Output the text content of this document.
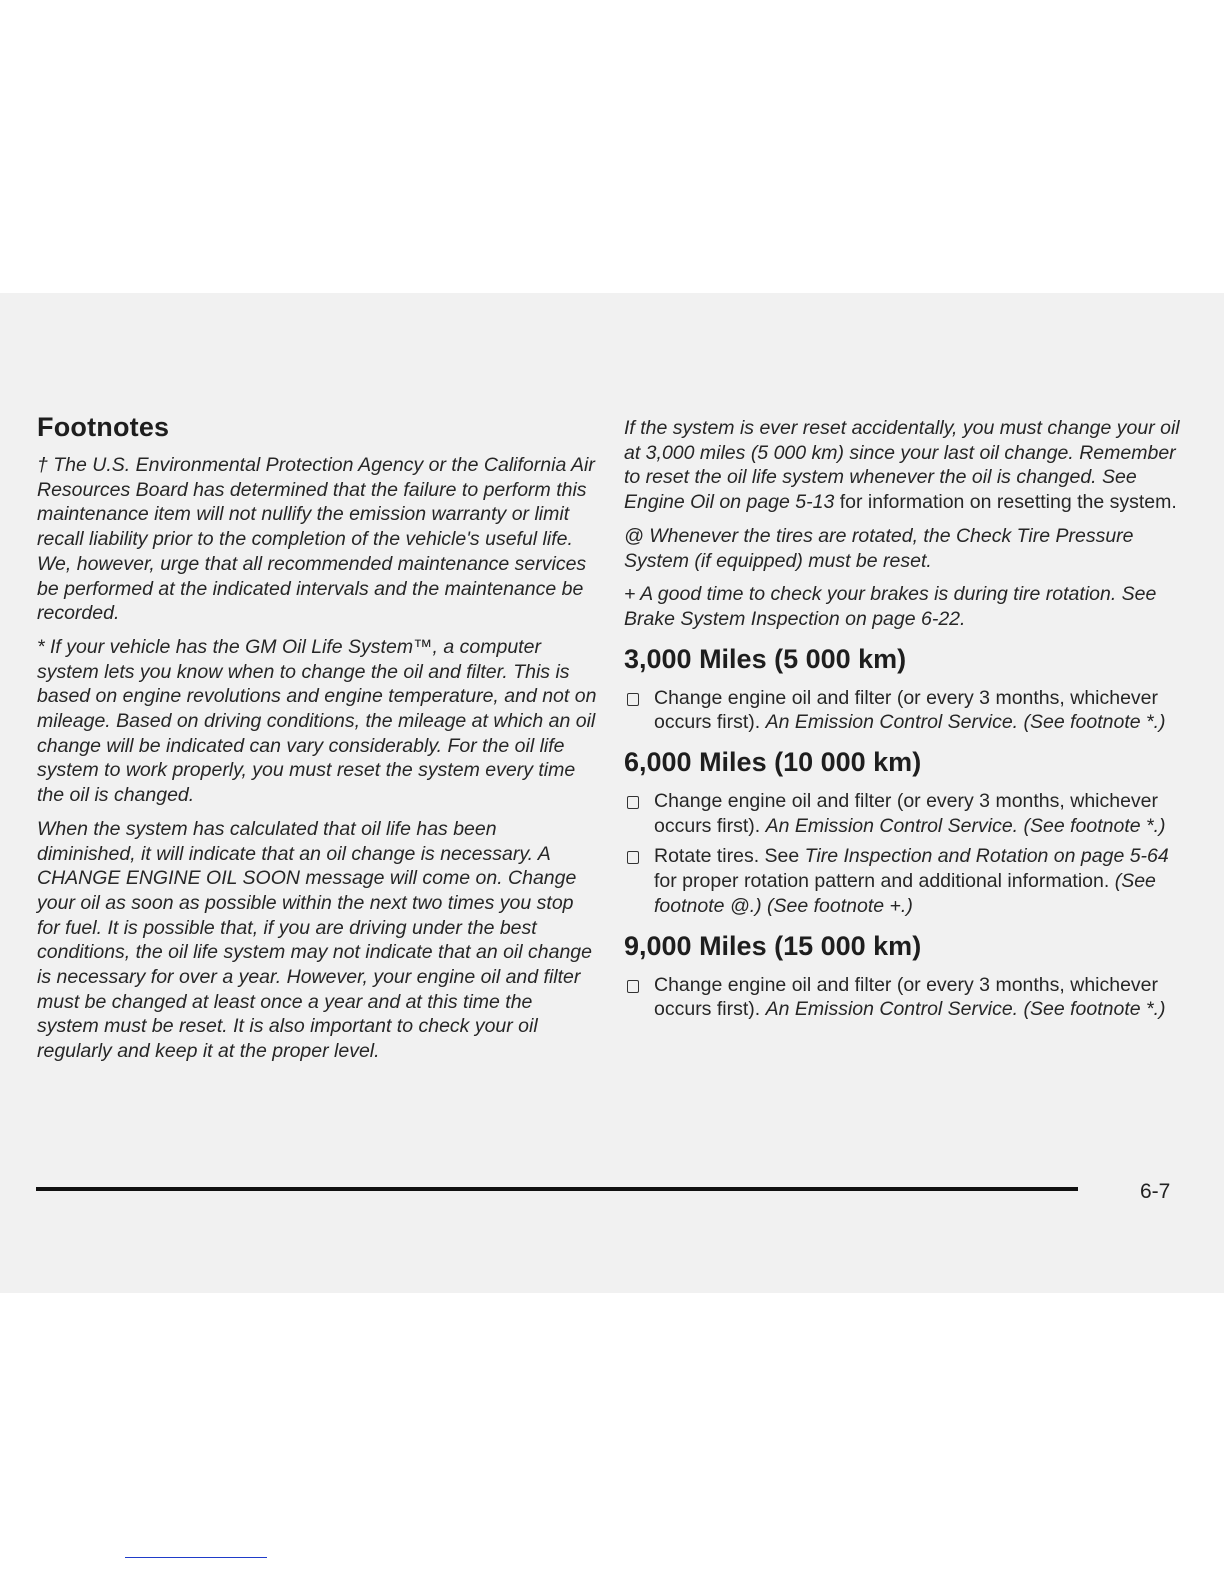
Footnotes

† The U.S. Environmental Protection Agency or the California Air Resources Board has determined that the failure to perform this maintenance item will not nullify the emission warranty or limit recall liability prior to the completion of the vehicle's useful life. We, however, urge that all recommended maintenance services be performed at the indicated intervals and the maintenance be recorded.

* If your vehicle has the GM Oil Life System™, a computer system lets you know when to change the oil and filter. This is based on engine revolutions and engine temperature, and not on mileage. Based on driving conditions, the mileage at which an oil change will be indicated can vary considerably. For the oil life system to work properly, you must reset the system every time the oil is changed.

When the system has calculated that oil life has been diminished, it will indicate that an oil change is necessary. A CHANGE ENGINE OIL SOON message will come on. Change your oil as soon as possible within the next two times you stop for fuel. It is possible that, if you are driving under the best conditions, the oil life system may not indicate that an oil change is necessary for over a year. However, your engine oil and filter must be changed at least once a year and at this time the system must be reset. It is also important to check your oil regularly and keep it at the proper level.

If the system is ever reset accidentally, you must change your oil at 3,000 miles (5 000 km) since your last oil change. Remember to reset the oil life system whenever the oil is changed. See Engine Oil on page 5-13 for information on resetting the system.

@ Whenever the tires are rotated, the Check Tire Pressure System (if equipped) must be reset.

+ A good time to check your brakes is during tire rotation. See Brake System Inspection on page 6-22.

3,000 Miles (5 000 km)
Change engine oil and filter (or every 3 months, whichever occurs first). An Emission Control Service. (See footnote *.)
6,000 Miles (10 000 km)
Change engine oil and filter (or every 3 months, whichever occurs first). An Emission Control Service. (See footnote *.)
Rotate tires. See Tire Inspection and Rotation on page 5-64 for proper rotation pattern and additional information. (See footnote @.) (See footnote +.)
9,000 Miles (15 000 km)
Change engine oil and filter (or every 3 months, whichever occurs first). An Emission Control Service. (See footnote *.)
6-7
